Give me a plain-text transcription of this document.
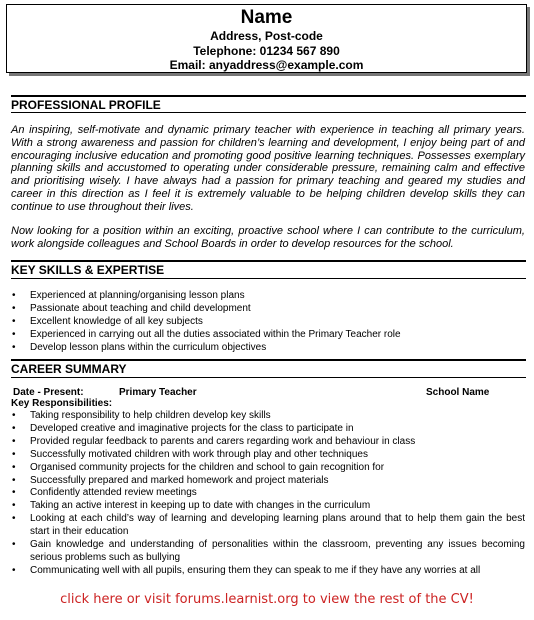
Name
Address, Post-code
Telephone: 01234 567 890
Email: anyaddress@example.com
PROFESSIONAL PROFILE

An inspiring, self-motivate and dynamic primary teacher with experience in teaching all primary years. With a strong awareness and passion for children’s learning and development, I enjoy being part of and encouraging inclusive education and promoting good positive learning techniques. Possesses exemplary planning skills and accustomed to operating under considerable pressure, remaining calm and effective and prioritising wisely. I have always had a passion for primary teaching and geared my studies and career in this direction as I feel it is extremely valuable to be helping children develop skills they can continue to use throughout their lives.

Now looking for a position within an exciting, proactive school where I can contribute to the curriculum, work alongside colleagues and School Boards in order to develop resources for the school.

KEY SKILLS & EXPERTISE
• Experienced at planning/organising lesson plans
• Passionate about teaching and child development
• Excellent knowledge of all key subjects
• Experienced in carrying out all the duties associated within the Primary Teacher role
• Develop lesson plans within the curriculum objectives
CAREER SUMMARY
Date - Present:	Primary Teacher	School Name
Key Responsibilities:
• Taking responsibility to help children develop key skills
• Developed creative and imaginative projects for the class to participate in
• Provided regular feedback to parents and carers regarding work and behaviour in class
• Successfully motivated children with work through play and other techniques
• Organised community projects for the children and school to gain recognition for
• Successfully prepared and marked homework and project materials
• Confidently attended review meetings
• Taking an active interest in keeping up to date with changes in the curriculum
• Looking at each child’s way of learning and developing learning plans around that to help them gain the best start in their education
• Gain knowledge and understanding of personalities within the classroom, preventing any issues becoming serious problems such as bullying
• Communicating well with all pupils, ensuring them they can speak to me if they have any worries at all
click here or visit forums.learnist.org to view the rest of the CV!
